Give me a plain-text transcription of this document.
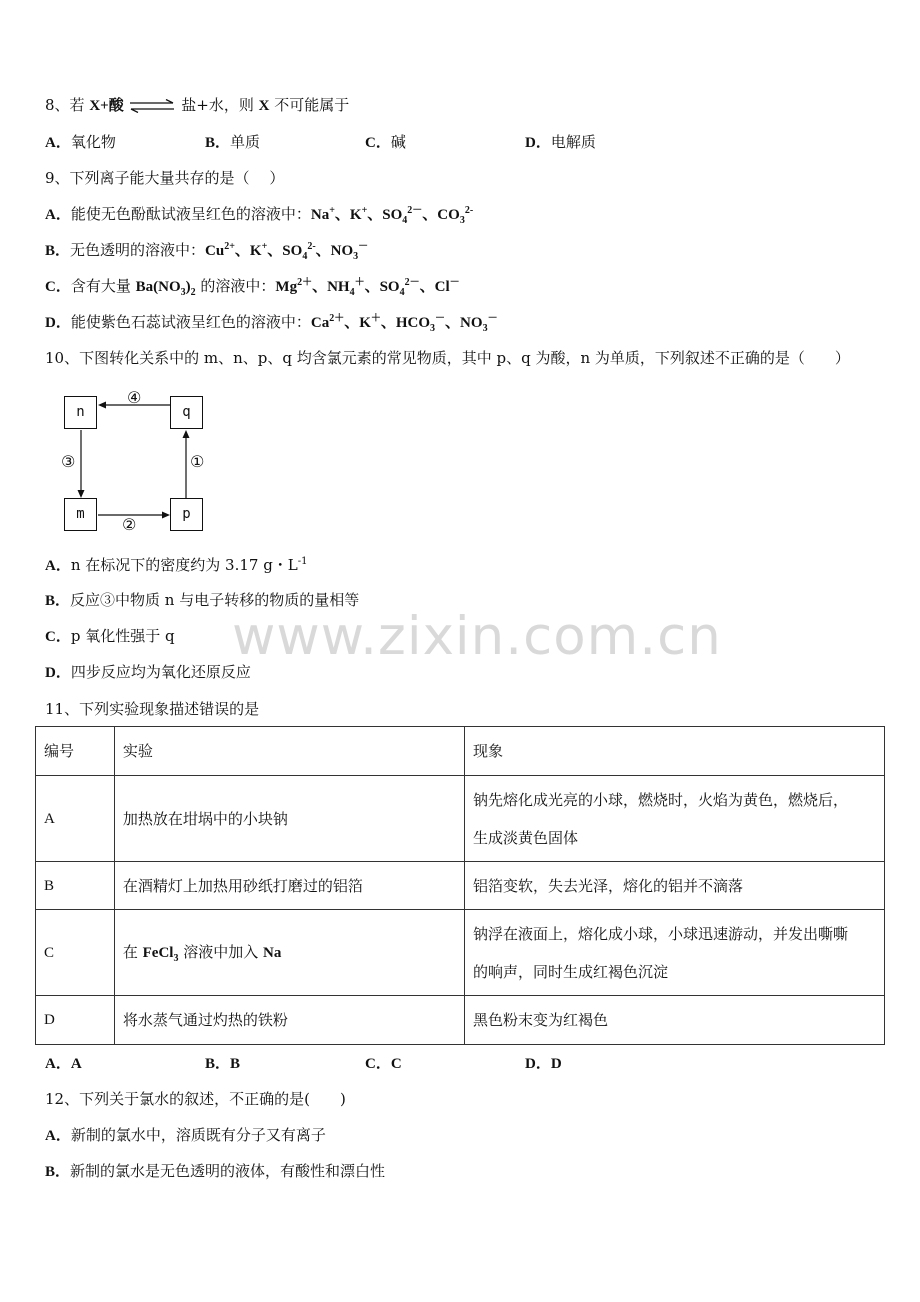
www.zixin.com.cn
8、若 X+酸 ⇌ 盐+水，则 X 不可能属于
A．氧化物	B．单质	C．碱	D．电解质
9、下列离子能大量共存的是（　 ）
A．能使无色酚酞试液呈红色的溶液中：Na+、K+、$SO_4^{2-}$、$CO_3^{2-}$
B．无色透明的溶液中：$Cu^{2+}$、K+、$SO_4^{2-}$、$NO_3^-$
C．含有大量 $Ba(NO_3)_2$ 的溶液中：$Mg^{2+}$、$NH_4^+$、$SO_4^{2-}$、Cl－
D．能使紫色石蕊试液呈红色的溶液中：$Ca^{2+}$、K＋、$HCO_3^-$、$NO_3^-$
10、下图转化关系中的 m、n、p、q 均含氯元素的常见物质，其中 p、q 为酸，n 为单质，下列叙述不正确的是（　　）
n	q
m	p
④
③
②
①
A．n 在标况下的密度约为 3.17 g・$L^{-1}$
B．反应③中物质 n 与电子转移的物质的量相等
C．p 氧化性强于 q
D．四步反应均为氧化还原反应
11、下列实验现象描述错误的是
编号	实验	现象
A	加热放在坩埚中的小块钠	钠先熔化成光亮的小球，燃烧时，火焰为黄色，燃烧后，
生成淡黄色固体

B	在酒精灯上加热用砂纸打磨过的铝箔	铝箔变软，失去光泽，熔化的铝并不滴落
C	在 FeCl$_3$ 溶液中加入 Na	钠浮在液面上，熔化成小球，小球迅速游动，并发出嘶嘶
的响声，同时生成红褐色沉淀

D	将水蒸气通过灼热的铁粉	黑色粉末变为红褐色
A．A	B．B	C．C	D．D
12、下列关于氯水的叙述，不正确的是(　　)
A．新制的氯水中，溶质既有分子又有离子
B．新制的氯水是无色透明的液体，有酸性和漂白性
